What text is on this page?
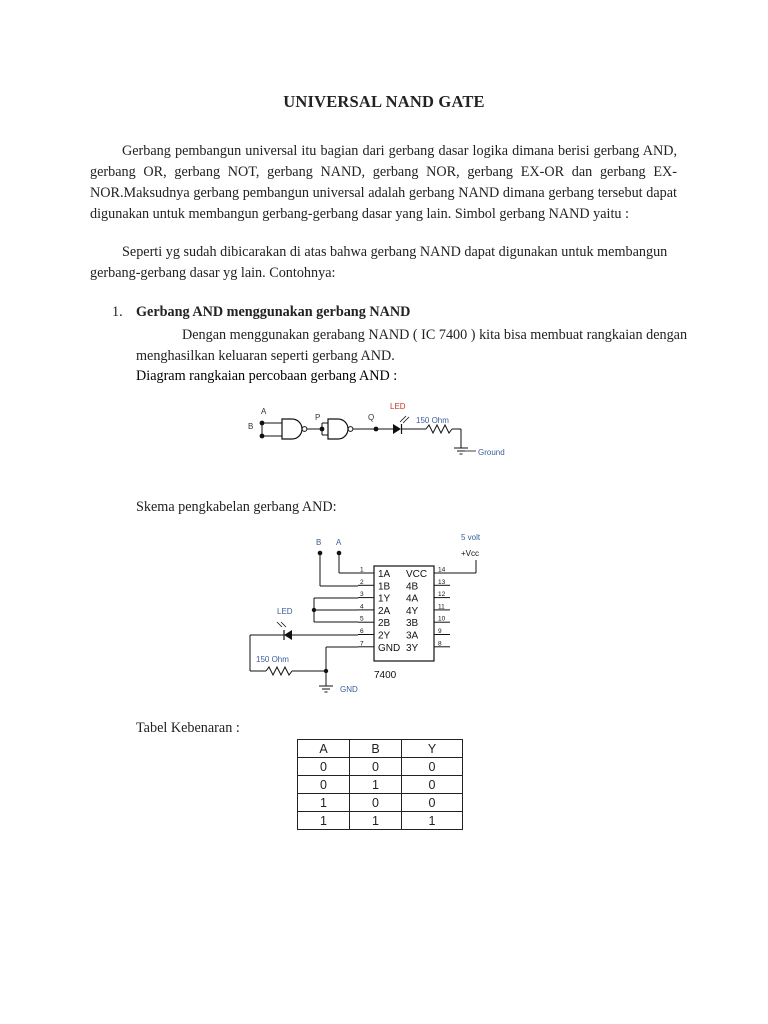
UNIVERSAL NAND GATE

Gerbang pembangun universal itu bagian dari gerbang dasar logika dimana berisi gerbang AND, gerbang OR, gerbang NOT, gerbang NAND, gerbang NOR, gerbang EX-OR dan gerbang EX-NOR.Maksudnya gerbang pembangun universal adalah gerbang NAND dimana gerbang tersebut dapat digunakan untuk membangun gerbang-gerbang dasar yang lain. Simbol gerbang NAND yaitu :

Seperti yg sudah dibicarakan di atas bahwa gerbang NAND dapat digunakan untuk membangun gerbang-gerbang dasar yg lain. Contohnya:

1. Gerbang AND menggunakan gerbang NAND

Dengan menggunakan gerabang NAND ( IC 7400 ) kita bisa membuat rangkaian dengan menghasilkan keluaran seperti gerbang AND.

Diagram rangkaian percobaan gerbang AND :
A
B
P	Q
LED
150 Ohm
Ground
Skema pengkabelan gerbang AND:
B A
5 volt
+Vcc
7400
1 1A
2 1B
3 1Y
4 2A
5 2B
6 2Y
7 GND
14
VCC
13
4B
12
4A
11
4Y
10
3B
9
3A
8
3Y
LED
150 Ohm
GND
Tabel Kebenaran :
A	B	Y
0	0	0
0	1	0
1	0	0
1	1	1
